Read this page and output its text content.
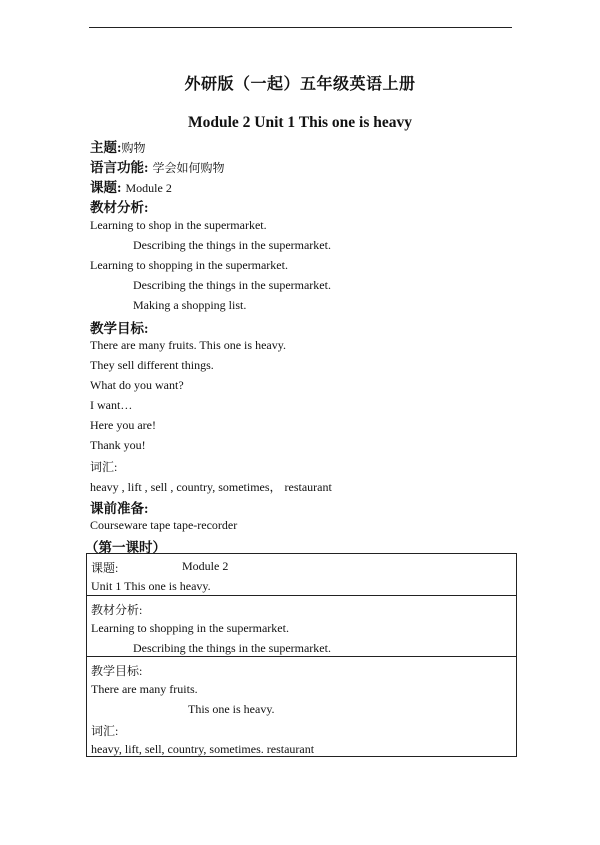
外研版（一起）五年级英语上册
Module 2 Unit 1 This one is heavy
主题:购物
语言功能: 学会如何购物
课题: Module 2
教材分析:
Learning to shop in the supermarket.
Describing the things in the supermarket.
Learning to shopping in the supermarket.
Describing the things in the supermarket.
Making a shopping list.
教学目标:
There are many fruits. This one is heavy.
They sell different things.
What do you want?
I want…
Here you are!
Thank you!
词汇:
heavy , lift , sell , country, sometimes， restaurant
课前准备:
Courseware tape tape-recorder
（第一课时）
课题:	Module 2
Unit 1 This one is heavy.
教材分析:
Learning to shopping in the supermarket.
Describing the things in the supermarket.
教学目标:
There are many fruits.
This one is heavy.
词汇:
heavy, lift, sell, country, sometimes. restaurant
